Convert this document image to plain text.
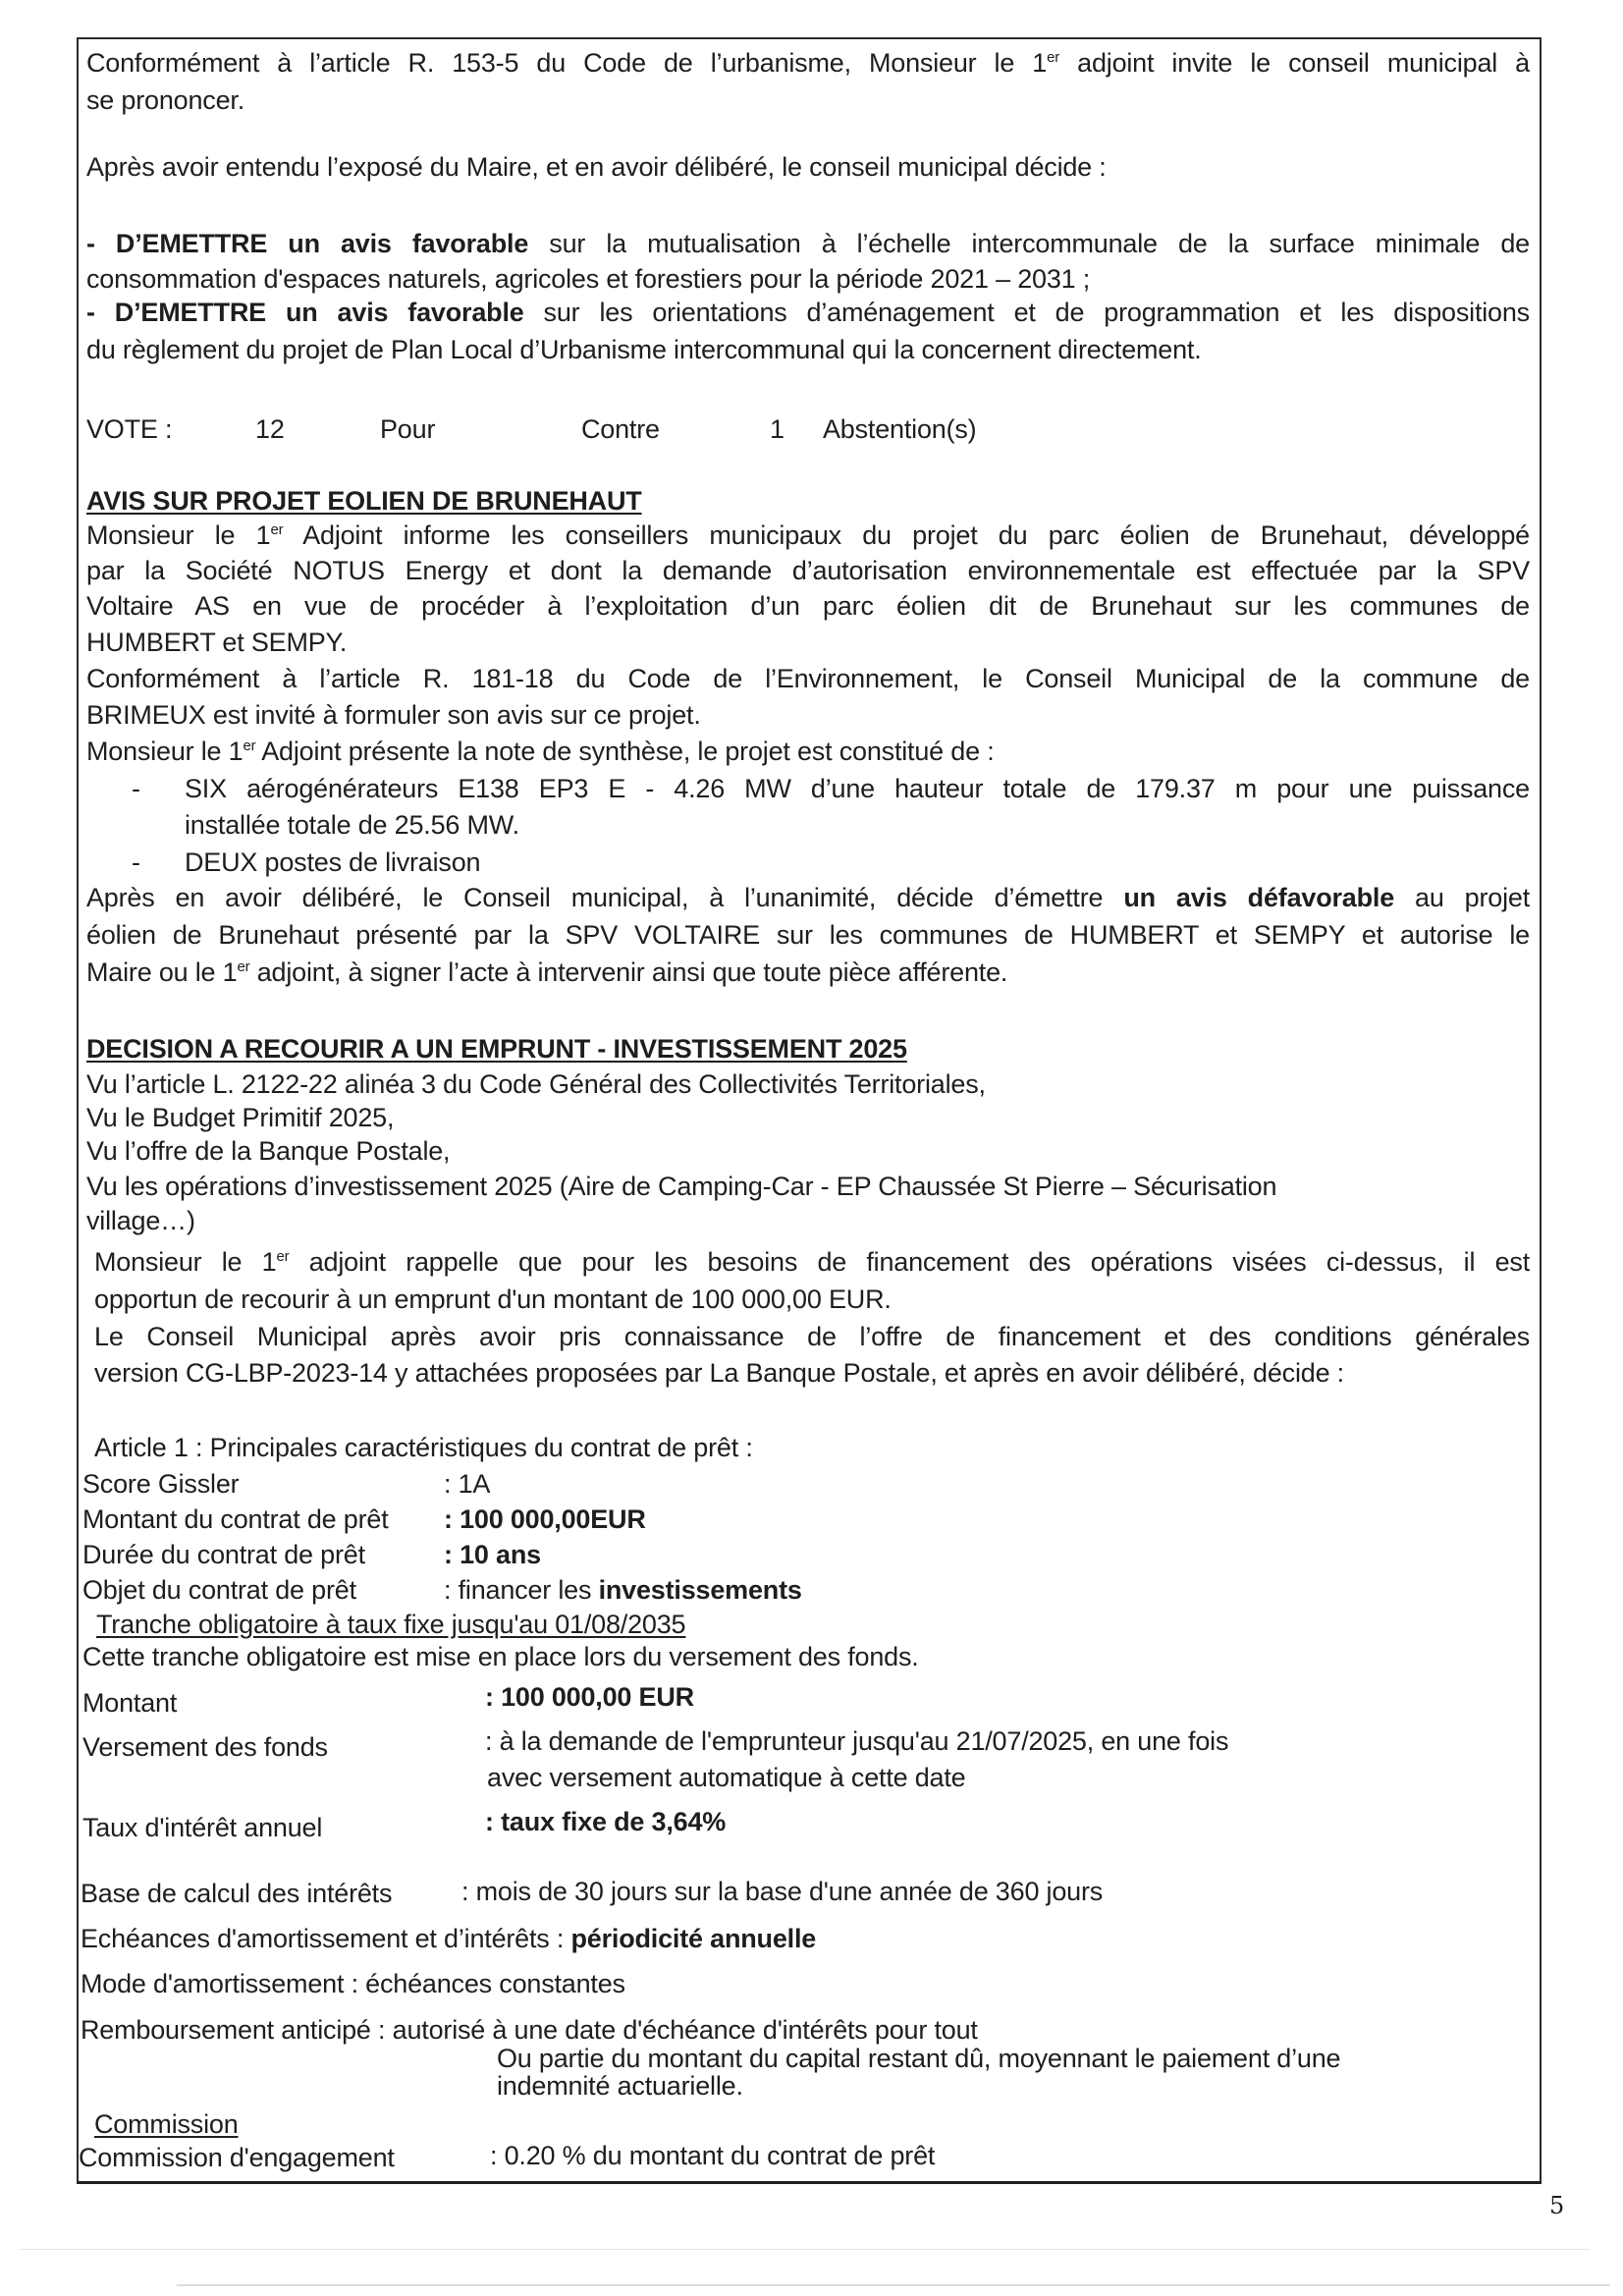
Conformément à l’article R. 153-5 du Code de l’urbanisme, Monsieur le 1er adjoint invite le conseil municipal à
se prononcer.
Après avoir entendu l’exposé du Maire, et en avoir délibéré, le conseil municipal décide :
- D’EMETTRE un avis favorable sur la mutualisation à l’échelle intercommunale de la surface minimale de
consommation d'espaces naturels, agricoles et forestiers pour la période 2021 – 2031 ;
- D’EMETTRE un avis favorable sur les orientations d’aménagement et de programmation et les dispositions
du règlement du projet de Plan Local d’Urbanisme intercommunal qui la concernent directement.
VOTE :	12	Pour	Contre	1 Abstention(s)
AVIS SUR PROJET EOLIEN DE BRUNEHAUT
Monsieur le 1er Adjoint informe les conseillers municipaux du projet du parc éolien de Brunehaut, développé
par la Société NOTUS Energy et dont la demande d’autorisation environnementale est effectuée par la SPV
Voltaire AS en vue de procéder à l’exploitation d’un parc éolien dit de Brunehaut sur les communes de
HUMBERT et SEMPY.
Conformément à l’article R. 181-18 du Code de l’Environnement, le Conseil Municipal de la commune de
BRIMEUX est invité à formuler son avis sur ce projet.
Monsieur le 1er Adjoint présente la note de synthèse, le projet est constitué de :
- SIX aérogénérateurs E138 EP3 E - 4.26 MW d’une hauteur totale de 179.37 m pour une puissance
installée totale de 25.56 MW.
- DEUX postes de livraison
Après en avoir délibéré, le Conseil municipal, à l’unanimité, décide d’émettre un avis défavorable au projet
éolien de Brunehaut présenté par la SPV VOLTAIRE sur les communes de HUMBERT et SEMPY et autorise le
Maire ou le 1er adjoint, à signer l’acte à intervenir ainsi que toute pièce afférente.
DECISION A RECOURIR A UN EMPRUNT - INVESTISSEMENT 2025
Vu l’article L. 2122-22 alinéa 3 du Code Général des Collectivités Territoriales,
Vu le Budget Primitif 2025,
Vu l’offre de la Banque Postale,
Vu les opérations d’investissement 2025 (Aire de Camping-Car - EP Chaussée St Pierre – Sécurisation
village…)
Monsieur le 1er adjoint rappelle que pour les besoins de financement des opérations visées ci-dessus, il est
opportun de recourir à un emprunt d'un montant de 100 000,00 EUR.
Le Conseil Municipal après avoir pris connaissance de l’offre de financement et des conditions générales
version CG-LBP-2023-14 y attachées proposées par La Banque Postale, et après en avoir délibéré, décide :
Article 1 : Principales caractéristiques du contrat de prêt :
Score Gissler	: 1A
Montant du contrat de prêt : 100 000,00EUR
Durée du contrat de prêt	: 10 ans
Objet du contrat de prêt	: financer les investissements
Tranche obligatoire à taux fixe jusqu'au 01/08/2035
Cette tranche obligatoire est mise en place lors du versement des fonds.
Montant	: 100 000,00 EUR
Versement des fonds	: à la demande de l'emprunteur jusqu'au 21/07/2025, en une fois
avec versement automatique à cette date
Taux d'intérêt annuel	: taux fixe de 3,64%
Base de calcul des intérêts	: mois de 30 jours sur la base d'une année de 360 jours
Echéances d'amortissement et d’intérêts : périodicité annuelle
Mode d'amortissement : échéances constantes
Remboursement anticipé : autorisé à une date d'échéance d'intérêts pour tout
Ou partie du montant du capital restant dû, moyennant le paiement d’une
indemnité actuarielle.
Commission
Commission d'engagement	: 0.20 % du montant du contrat de prêt
5
